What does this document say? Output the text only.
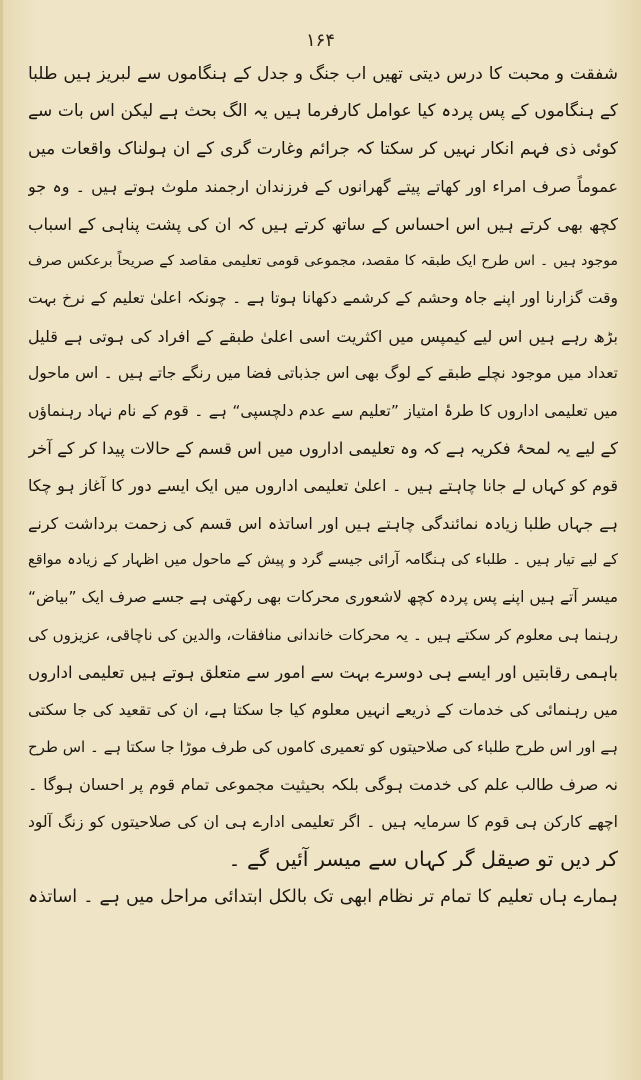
۱۶۴
شفقت و محبت کا درس دیتی تھیں اب جنگ و جدل کے ہنگاموں سے لبریز ہیں طلبا
کے ہنگاموں کے پس پردہ کیا عوامل کارفرما ہیں یہ الگ بحث ہے لیکن اس بات سے
کوئی ذی فہم انکار نہیں کر سکتا کہ جرائم وغارت گری کے ان ہولناک واقعات میں
عموماً صرف امراء اور کھاتے پیتے گھرانوں کے فرزندان ارجمند ملوث ہوتے ہیں ۔ وہ جو
کچھ بھی کرتے ہیں اس احساس کے ساتھ کرتے ہیں کہ ان کی پشت پناہی کے اسباب
موجود ہیں ۔ اس طرح ایک طبقہ کا مقصد، مجموعی قومی تعلیمی مقاصد کے صریحاً برعکس صرف
وقت گزارنا اور اپنے جاہ وحشم کے کرشمے دکھانا ہوتا ہے ۔ چونکہ اعلیٰ تعلیم کے نرخ بہت
بڑھ رہے ہیں اس لیے کیمپس میں اکثریت اسی اعلیٰ طبقے کے افراد کی ہوتی ہے قلیل
تعداد میں موجود نچلے طبقے کے لوگ بھی اس جذباتی فضا میں رنگے جاتے ہیں ۔ اس ماحول
میں تعلیمی اداروں کا طرۂ امتیاز ”تعلیم سے عدم دلچسپی“ ہے ۔ قوم کے نام نہاد رہنماؤں
کے لیے یہ لمحۂ فکریہ ہے کہ وہ تعلیمی اداروں میں اس قسم کے حالات پیدا کر کے آخر
قوم کو کہاں لے جانا چاہتے ہیں ۔ اعلیٰ تعلیمی اداروں میں ایک ایسے دور کا آغاز ہو چکا
ہے جہاں طلبا زیادہ نمائندگی چاہتے ہیں اور اساتذہ اس قسم کی زحمت برداشت کرنے
کے لیے تیار ہیں ۔ طلباء کی ہنگامہ آرائی جیسے گرد و پیش کے ماحول میں اظہار کے زیادہ مواقع
میسر آتے ہیں اپنے پس پردہ کچھ لاشعوری محرکات بھی رکھتی ہے جسے صرف ایک ”بیاض“
رہنما ہی معلوم کر سکتے ہیں ۔ یہ محرکات خاندانی منافقات، والدین کی ناچاقی، عزیزوں کی
باہمی رقابتیں اور ایسے ہی دوسرے بہت سے امور سے متعلق ہوتے ہیں تعلیمی اداروں
میں رہنمائی کی خدمات کے ذریعے انہیں معلوم کیا جا سکتا ہے، ان کی تقعید کی جا سکتی
ہے اور اس طرح طلباء کی صلاحیتوں کو تعمیری کاموں کی طرف موڑا جا سکتا ہے ۔ اس طرح
نہ صرف طالب علم کی خدمت ہوگی بلکہ بحیثیت مجموعی تمام قوم پر احسان ہوگا ۔
اچھے کارکن ہی قوم کا سرمایہ ہیں ۔ اگر تعلیمی ادارے ہی ان کی صلاحیتوں کو زنگ آلود
کر دیں تو صیقل گر کہاں سے میسر آئیں گے ۔
ہمارے ہاں تعلیم کا تمام تر نظام ابھی تک بالکل ابتدائی مراحل میں ہے ۔ اساتذہ
